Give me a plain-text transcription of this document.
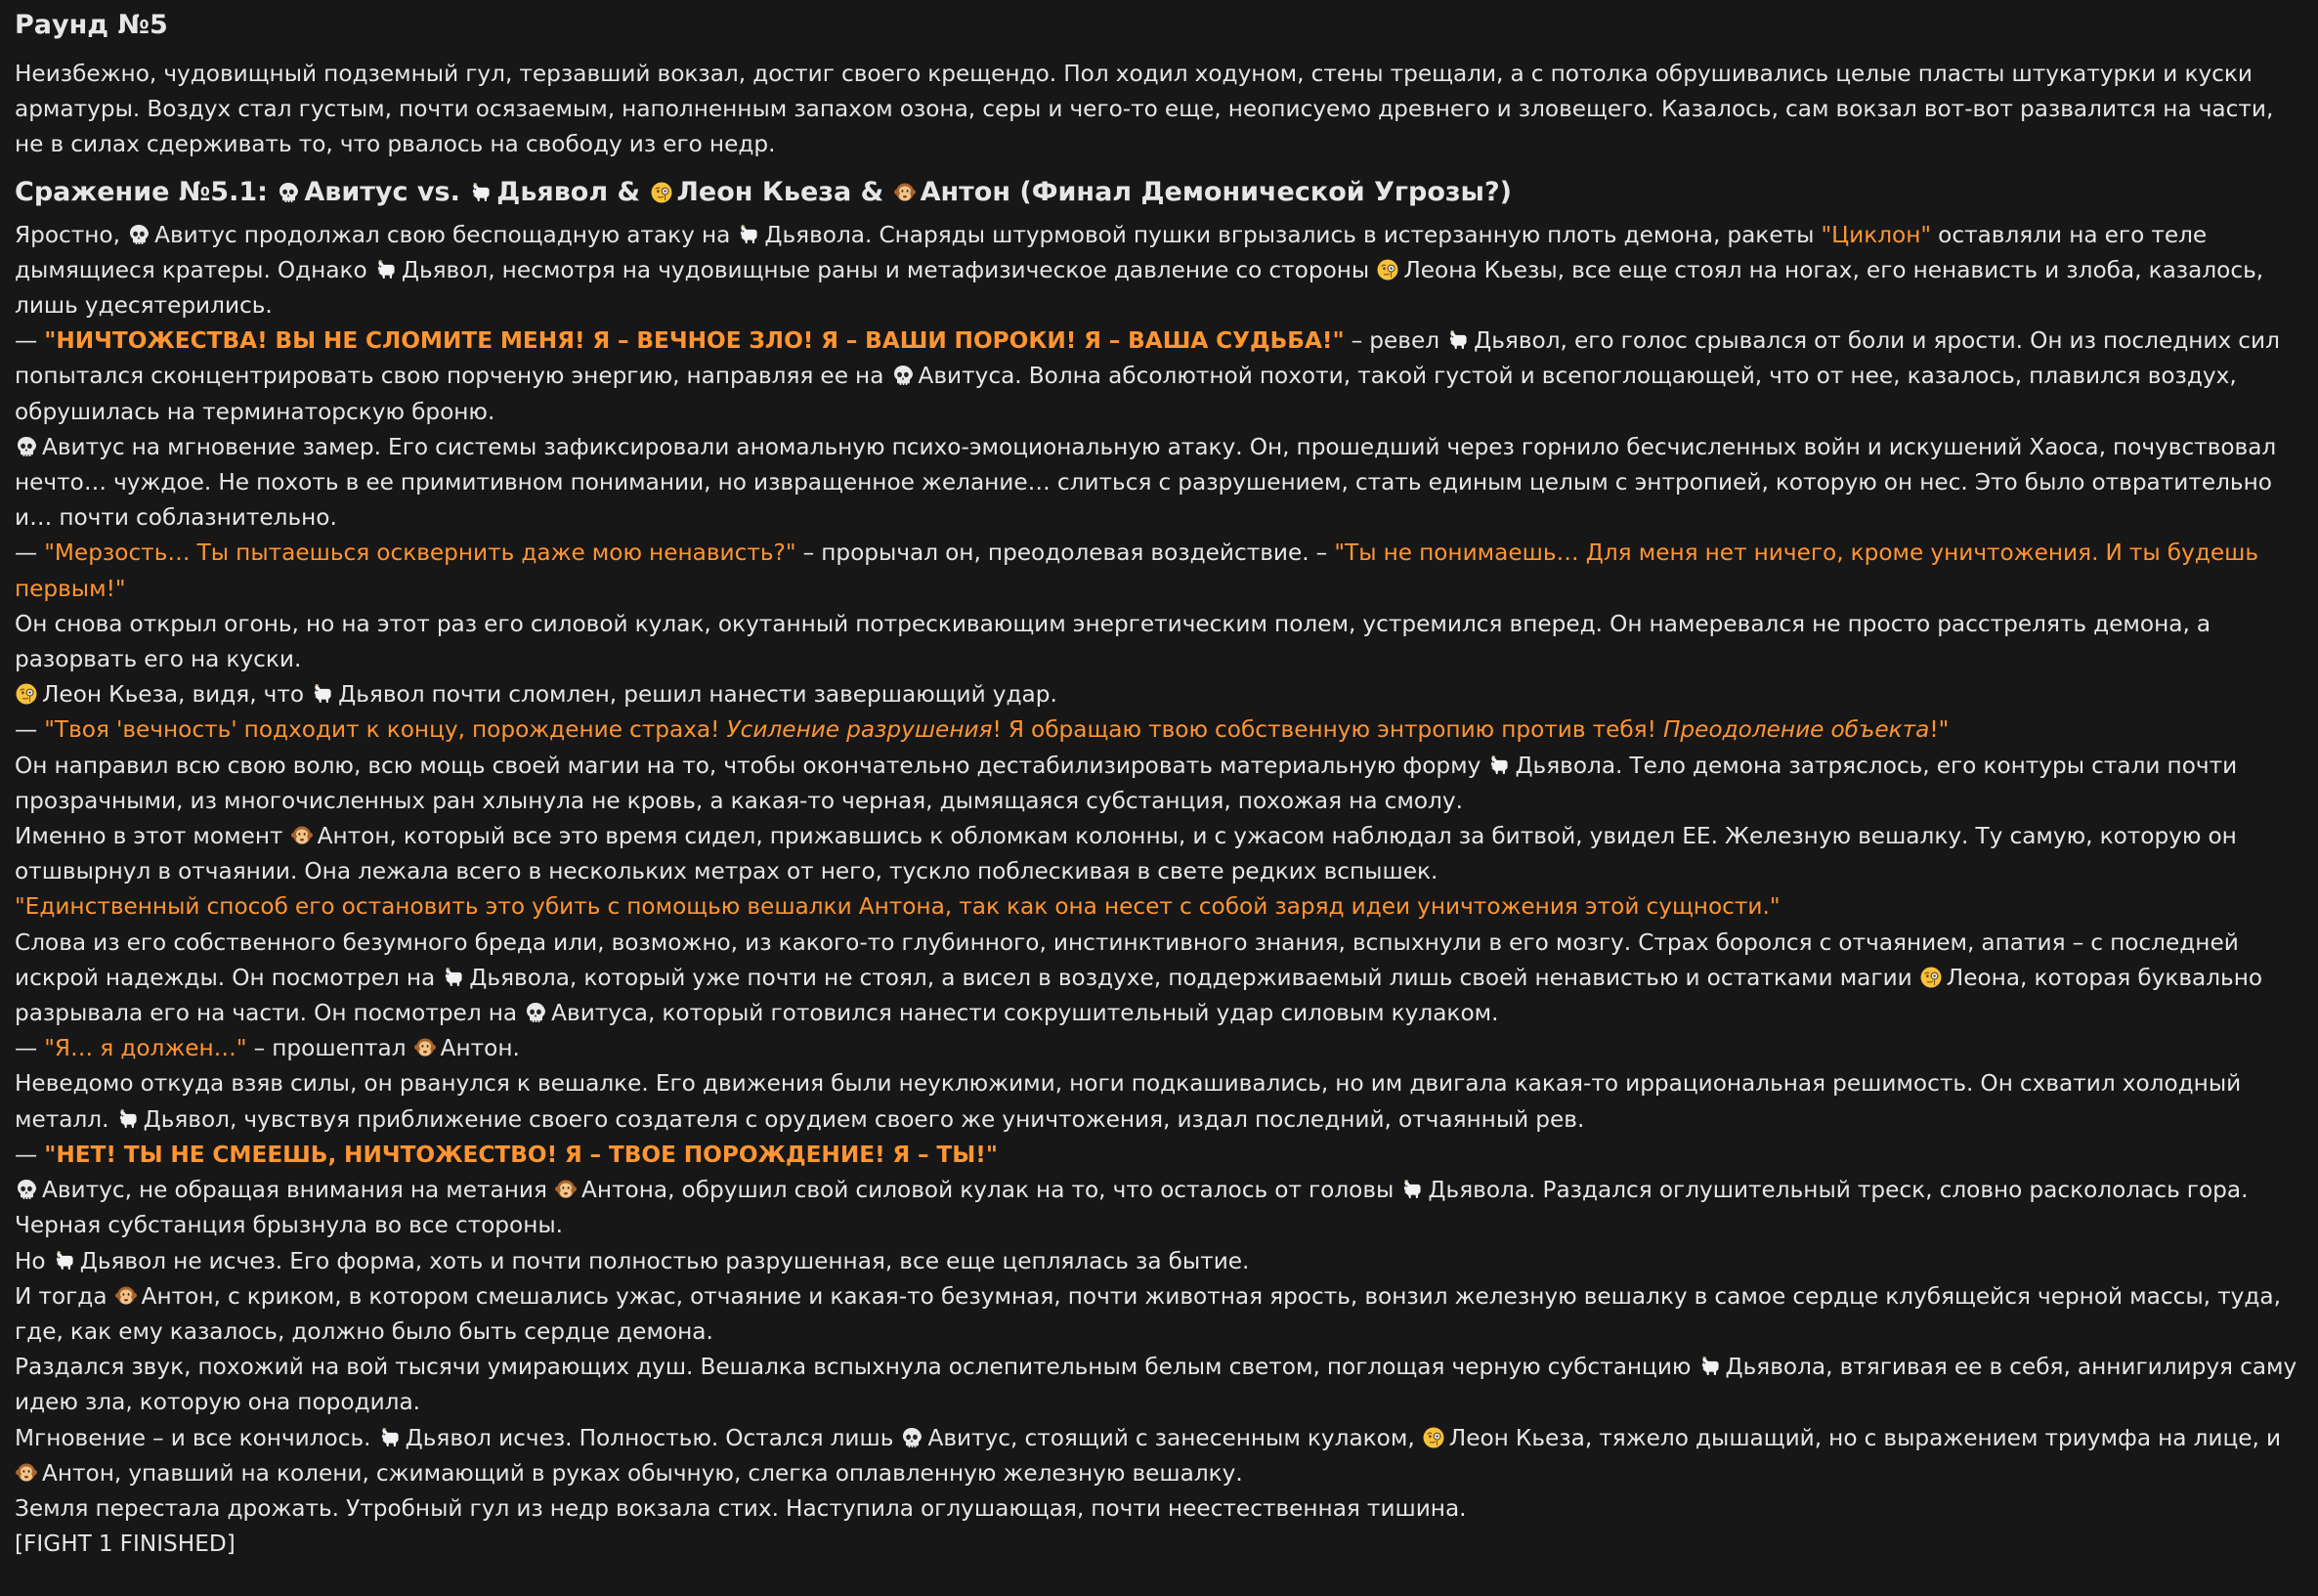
Раунд №5

Неизбежно, чудовищный подземный гул, терзавший вокзал, достиг своего крещендо. Пол ходил ходуном, стены трещали, а с потолка обрушивались целые пласты штукатурки и куски арматуры. Воздух стал густым, почти осязаемым, наполненным запахом озона, серы и чего-то еще, неописуемо древнего и зловещего. Казалось, сам вокзал вот-вот развалится на части, не в силах сдерживать то, что рвалось на свободу из его недр.

Сражение №5.1: Авитус vs. Дьявол & Леон Кьеза & Антон (Финал Демонической Угрозы?)

Яростно, Авитус продолжал свою беспощадную атаку на Дьявола. Снаряды штурмовой пушки вгрызались в истерзанную плоть демона, ракеты "Циклон" оставляли на его теле дымящиеся кратеры. Однако Дьявол, несмотря на чудовищные раны и метафизическое давление со стороны Леона Кьезы, все еще стоял на ногах, его ненависть и злоба, казалось, лишь удесятерились.

— "НИЧТОЖЕСТВА! ВЫ НЕ СЛОМИТЕ МЕНЯ! Я – ВЕЧНОЕ ЗЛО! Я – ВАШИ ПОРОКИ! Я – ВАША СУДЬБА!" – ревел Дьявол, его голос срывался от боли и ярости. Он из последних сил попытался сконцентрировать свою порченую энергию, направляя ее на Авитуса. Волна абсолютной похоти, такой густой и всепоглощающей, что от нее, казалось, плавился воздух, обрушилась на терминаторскую броню.

Авитус на мгновение замер. Его системы зафиксировали аномальную психо-эмоциональную атаку. Он, прошедший через горнило бесчисленных войн и искушений Хаоса, почувствовал нечто… чуждое. Не похоть в ее примитивном понимании, но извращенное желание… слиться с разрушением, стать единым целым с энтропией, которую он нес. Это было отвратительно и… почти соблазнительно.

— "Мерзость… Ты пытаешься осквернить даже мою ненависть?" – прорычал он, преодолевая воздействие. – "Ты не понимаешь… Для меня нет ничего, кроме уничтожения. И ты будешь первым!"

Он снова открыл огонь, но на этот раз его силовой кулак, окутанный потрескивающим энергетическим полем, устремился вперед. Он намеревался не просто расстрелять демона, а разорвать его на куски.

Леон Кьеза, видя, что Дьявол почти сломлен, решил нанести завершающий удар.

— "Твоя 'вечность' подходит к концу, порождение страха! Усиление разрушения! Я обращаю твою собственную энтропию против тебя! Преодоление объекта!"

Он направил всю свою волю, всю мощь своей магии на то, чтобы окончательно дестабилизировать материальную форму Дьявола. Тело демона затряслось, его контуры стали почти прозрачными, из многочисленных ран хлынула не кровь, а какая-то черная, дымящаяся субстанция, похожая на смолу.

Именно в этот момент Антон, который все это время сидел, прижавшись к обломкам колонны, и с ужасом наблюдал за битвой, увидел ЕЕ. Железную вешалку. Ту самую, которую он отшвырнул в отчаянии. Она лежала всего в нескольких метрах от него, тускло поблескивая в свете редких вспышек.

"Единственный способ его остановить это убить с помощью вешалки Антона, так как она несет с собой заряд идеи уничтожения этой сущности."

Слова из его собственного безумного бреда или, возможно, из какого-то глубинного, инстинктивного знания, вспыхнули в его мозгу. Страх боролся с отчаянием, апатия – с последней искрой надежды. Он посмотрел на Дьявола, который уже почти не стоял, а висел в воздухе, поддерживаемый лишь своей ненавистью и остатками магии Леона, которая буквально разрывала его на части. Он посмотрел на Авитуса, который готовился нанести сокрушительный удар силовым кулаком.

— "Я… я должен…" – прошептал Антон.

Неведомо откуда взяв силы, он рванулся к вешалке. Его движения были неуклюжими, ноги подкашивались, но им двигала какая-то иррациональная решимость. Он схватил холодный металл. Дьявол, чувствуя приближение своего создателя с орудием своего же уничтожения, издал последний, отчаянный рев.

— "НЕТ! ТЫ НЕ СМЕЕШЬ, НИЧТОЖЕСТВО! Я – ТВОЕ ПОРОЖДЕНИЕ! Я – ТЫ!"

Авитус, не обращая внимания на метания Антона, обрушил свой силовой кулак на то, что осталось от головы Дьявола. Раздался оглушительный треск, словно раскололась гора. Черная субстанция брызнула во все стороны.

Но Дьявол не исчез. Его форма, хоть и почти полностью разрушенная, все еще цеплялась за бытие.

И тогда Антон, с криком, в котором смешались ужас, отчаяние и какая-то безумная, почти животная ярость, вонзил железную вешалку в самое сердце клубящейся черной массы, туда, где, как ему казалось, должно было быть сердце демона.

Раздался звук, похожий на вой тысячи умирающих душ. Вешалка вспыхнула ослепительным белым светом, поглощая черную субстанцию Дьявола, втягивая ее в себя, аннигилируя саму идею зла, которую она породила.

Мгновение – и все кончилось. Дьявол исчез. Полностью. Остался лишь Авитус, стоящий с занесенным кулаком, Леон Кьеза, тяжело дышащий, но с выражением триумфа на лице, и
Антон, упавший на колени, сжимающий в руках обычную, слегка оплавленную железную вешалку.

Земля перестала дрожать. Утробный гул из недр вокзала стих. Наступила оглушающая, почти неестественная тишина.

[FIGHT 1 FINISHED]
